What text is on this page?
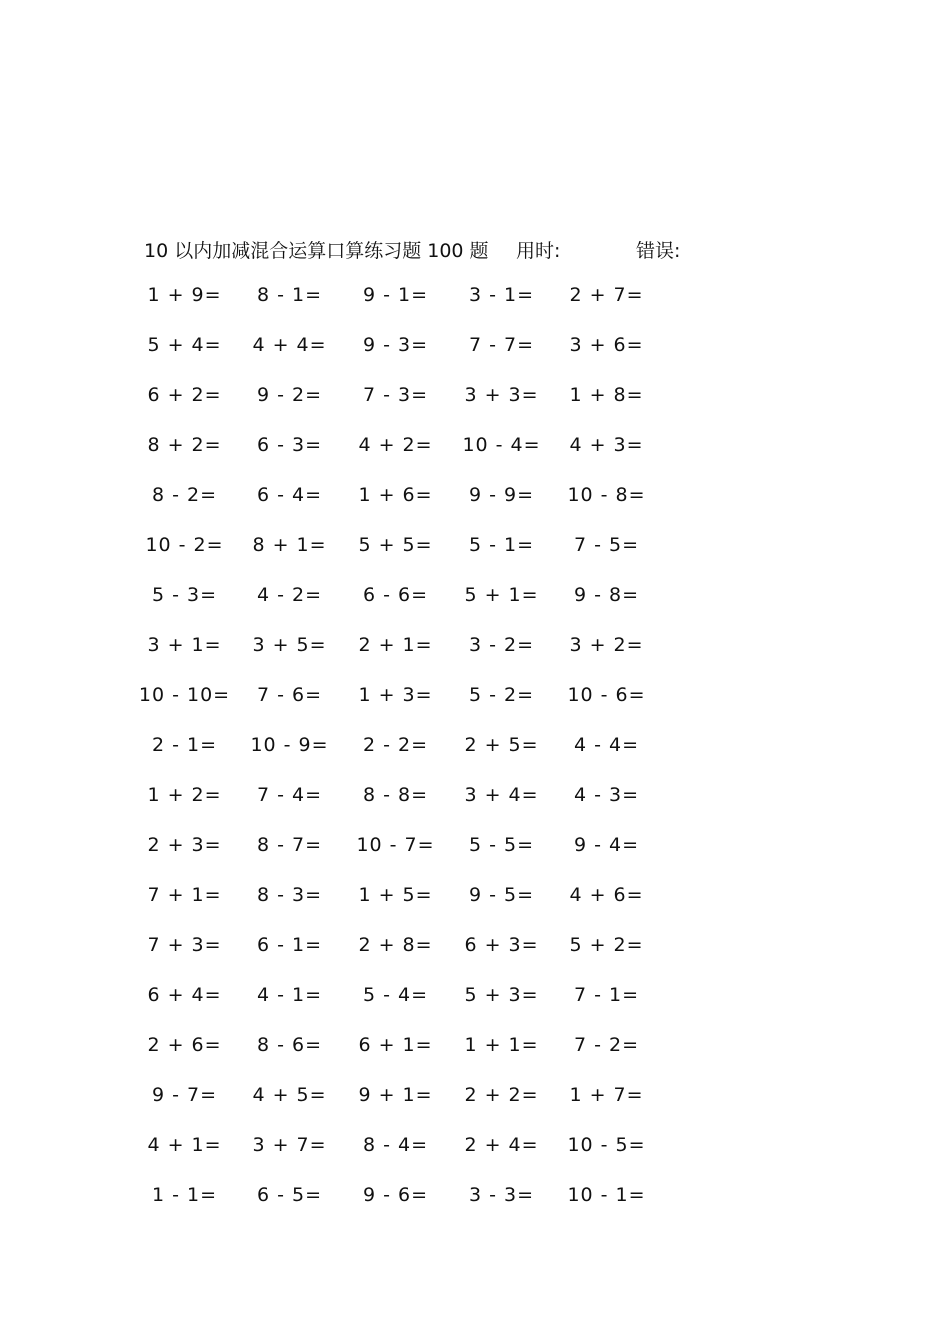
10 以内加减混合运算口算练习题 100 题 用时:	错误:
1 + 9=	8 - 1=	9 - 1=	3 - 1=	2 + 7=
5 + 4=	4 + 4=	9 - 3=	7 - 7=	3 + 6=
6 + 2=	9 - 2=	7 - 3=	3 + 3=	1 + 8=
8 + 2=	6 - 3=	4 + 2=	10 - 4=	4 + 3=
8 - 2=	6 - 4=	1 + 6=	9 - 9=	10 - 8=
10 - 2=	8 + 1=	5 + 5=	5 - 1=	7 - 5=
5 - 3=	4 - 2=	6 - 6=	5 + 1=	9 - 8=
3 + 1=	3 + 5=	2 + 1=	3 - 2=	3 + 2=
10 - 10=	7 - 6=	1 + 3=	5 - 2=	10 - 6=
2 - 1=	10 - 9=	2 - 2=	2 + 5=	4 - 4=
1 + 2=	7 - 4=	8 - 8=	3 + 4=	4 - 3=
2 + 3=	8 - 7=	10 - 7=	5 - 5=	9 - 4=
7 + 1=	8 - 3=	1 + 5=	9 - 5=	4 + 6=
7 + 3=	6 - 1=	2 + 8=	6 + 3=	5 + 2=
6 + 4=	4 - 1=	5 - 4=	5 + 3=	7 - 1=
2 + 6=	8 - 6=	6 + 1=	1 + 1=	7 - 2=
9 - 7=	4 + 5=	9 + 1=	2 + 2=	1 + 7=
4 + 1=	3 + 7=	8 - 4=	2 + 4=	10 - 5=
1 - 1=	6 - 5=	9 - 6=	3 - 3=	10 - 1=
